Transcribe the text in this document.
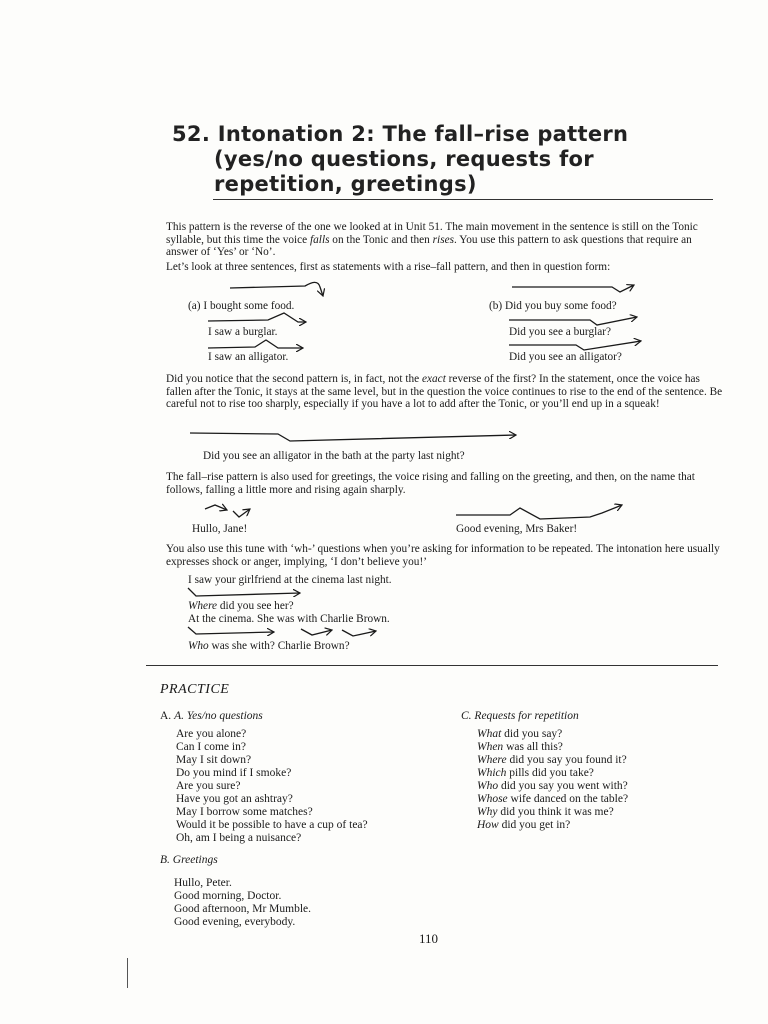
52. Intonation 2: The fall–rise pattern
(yes/no questions, requests for
repetition, greetings)
This pattern is the reverse of the one we looked at in Unit 51. The main movement in the sentence is still on the Tonic syllable, but this time the voice falls on the Tonic and then rises. You use this pattern to ask questions that require an answer of ‘Yes’ or ‘No’.
Let’s look at three sentences, first as statements with a rise–fall pattern, and then in question form:
(a) I bought some food.
I saw a burglar.
I saw an alligator.
(b) Did you buy some food?
Did you see a burglar?
Did you see an alligator?
Did you notice that the second pattern is, in fact, not the exact reverse of the first? In the statement, once the voice has fallen after the Tonic, it stays at the same level, but in the question the voice continues to rise to the end of the sentence. Be careful not to rise too sharply, especially if you have a lot to add after the Tonic, or you’ll end up in a squeak!
Did you see an alligator in the bath at the party last night?
The fall–rise pattern is also used for greetings, the voice rising and falling on the greeting, and then, on the name that follows, falling a little more and rising again sharply.
Hullo, Jane!	Good evening, Mrs Baker!
You also use this tune with ‘wh-’ questions when you’re asking for information to be repeated. The intonation here usually expresses shock or anger, implying, ‘I don’t believe you!’
I saw your girlfriend at the cinema last night.
Where did you see her?
At the cinema. She was with Charlie Brown.
Who was she with? Charlie Brown?
PRACTICE
A. A. Yes/no questions
Are you alone?
Can I come in?
May I sit down?
Do you mind if I smoke?
Are you sure?
Have you got an ashtray?
May I borrow some matches?
Would it be possible to have a cup of tea?
Oh, am I being a nuisance?
B. Greetings
Hullo, Peter.
Good morning, Doctor.
Good afternoon, Mr Mumble.
Good evening, everybody.
C. Requests for repetition
What did you say?
When was all this?
Where did you say you found it?
Which pills did you take?
Who did you say you went with?
Whose wife danced on the table?
Why did you think it was me?
How did you get in?
110
